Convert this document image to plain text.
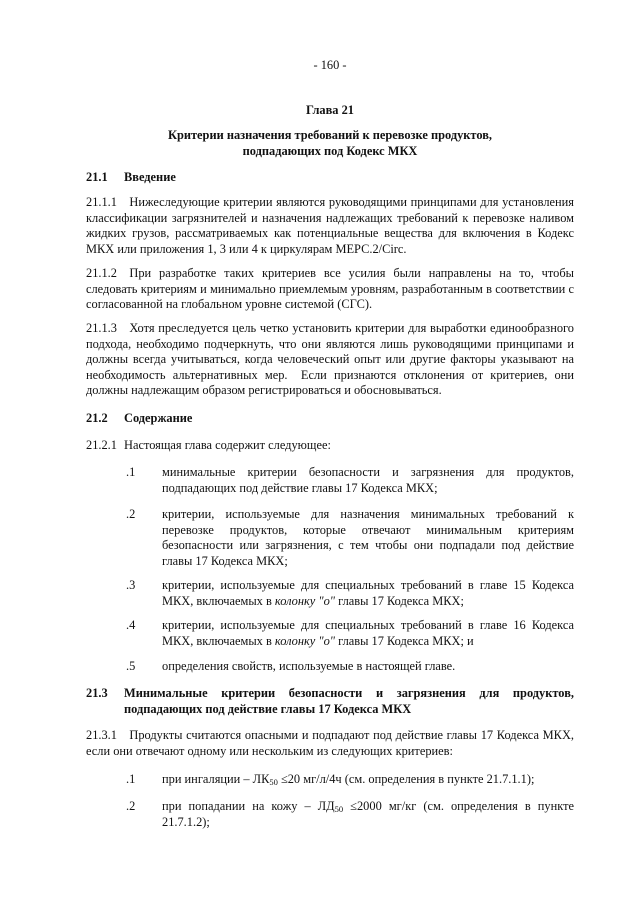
- 160 -
Глава 21
Критерии назначения требований к перевозке продуктов,
подпадающих под Кодекс МКХ
21.1 Введение
21.1.1 Нижеследующие критерии являются руководящими принципами для установления классификации загрязнителей и назначения надлежащих требований к перевозке наливом жидких грузов, рассматриваемых как потенциальные вещества для включения в Кодекс МКХ или приложения 1, 3 или 4 к циркулярам МЕРС.2/Circ.
21.1.2 При разработке таких критериев все усилия были направлены на то, чтобы следовать критериям и минимально приемлемым уровням, разработанным в соответствии с согласованной на глобальном уровне системой (СГС).
21.1.3 Хотя преследуется цель четко установить критерии для выработки единообразного подхода, необходимо подчеркнуть, что они являются лишь руководящими принципами и должны всегда учитываться, когда человеческий опыт или другие факторы указывают на необходимость альтернативных мер.  Если признаются отклонения от критериев, они должны надлежащим образом регистрироваться и обосновываться.
21.2 Содержание
21.2.1 Настоящая глава содержит следующее:
.1 минимальные критерии безопасности и загрязнения для продуктов, подпадающих под действие главы 17 Кодекса МКХ;
.2 критерии, используемые для назначения минимальных требований к перевозке продуктов, которые отвечают минимальным критериям безопасности или загрязнения, с тем чтобы они подпадали под действие главы 17 Кодекса МКХ;
.3 критерии, используемые для специальных требований в главе 15 Кодекса МКХ, включаемых в колонку "о" главы 17 Кодекса МКХ;
.4 критерии, используемые для специальных требований в главе 16 Кодекса МКХ, включаемых в колонку "о" главы 17 Кодекса МКХ; и
.5 определения свойств, используемые в настоящей главе.
21.3 Минимальные критерии безопасности и загрязнения для продуктов, подпадающих под действие главы 17 Кодекса МКХ
21.3.1  Продукты считаются опасными и подпадают под действие главы 17 Кодекса МКХ, если они отвечают одному или нескольким из следующих критериев:
.1 при ингаляции – $ЛК_{50} \le 20$ мг/л/4ч (см. определения в пункте 21.7.1.1);
.2 при попадании на кожу – $ЛД_{50} \le 2000$ мг/кг (см. определения в пункте 21.7.1.2);
